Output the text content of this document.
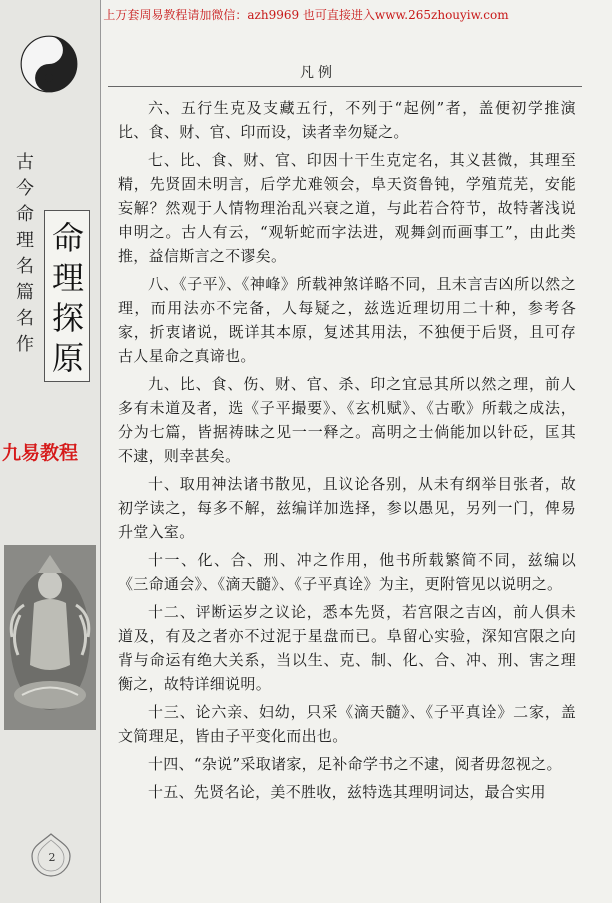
上万套周易教程请加微信：azh9969 也可直接进入www.265zhouyiw.com
古今命理名篇名作
命理探原
九易教程
2
凡例

六、五行生克及支藏五行，不列于“起例”者，盖便初学推演比、食、财、官、印而设，读者幸勿疑之。

七、比、食、财、官、印因十干生克定名，其义甚微，其理至精，先贤固未明言，后学尤难领会，阜天资鲁钝，学殖荒芜，安能妄解？然观于人情物理治乱兴衰之道，与此若合符节，故特著浅说申明之。古人有云，“观斩蛇而字法进，观舞剑而画事工”，由此类推，益信斯言之不谬矣。

八、《子平》、《神峰》所载神煞详略不同，且未言吉凶所以然之理，而用法亦不完备，人每疑之，兹选近理切用二十种，参考各家，折衷诸说，既详其本原，复述其用法，不独便于后贤，且可存古人星命之真谛也。

九、比、食、伤、财、官、杀、印之宜忌其所以然之理，前人多有未道及者，选《子平撮要》、《玄机赋》、《古歌》所载之成法，分为七篇，皆据祷昧之见一一释之。高明之士倘能加以针砭，匡其不逮，则幸甚矣。

十、取用神法诸书散见，且议论各别，从未有纲举目张者，故初学读之，每多不解，兹编详加选择，参以愚见，另列一门，俾易升堂入室。

十一、化、合、刑、冲之作用，他书所载繁简不同，兹编以《三命通会》、《滴天髓》、《子平真诠》为主，更附管见以说明之。

十二、评断运岁之议论，悉本先贤，若宫限之吉凶，前人俱未道及，有及之者亦不过泥于星盘而已。阜留心实验，深知宫限之向背与命运有绝大关系，当以生、克、制、化、合、冲、刑、害之理衡之，故特详细说明。

十三、论六亲、妇幼，只采《滴天髓》、《子平真诠》二家，盖文简理足，皆由子平变化而出也。

十四、“杂说”采取诸家，足补命学书之不逮，阅者毋忽视之。

十五、先贤名论，美不胜收，兹特选其理明词达，最合实用
